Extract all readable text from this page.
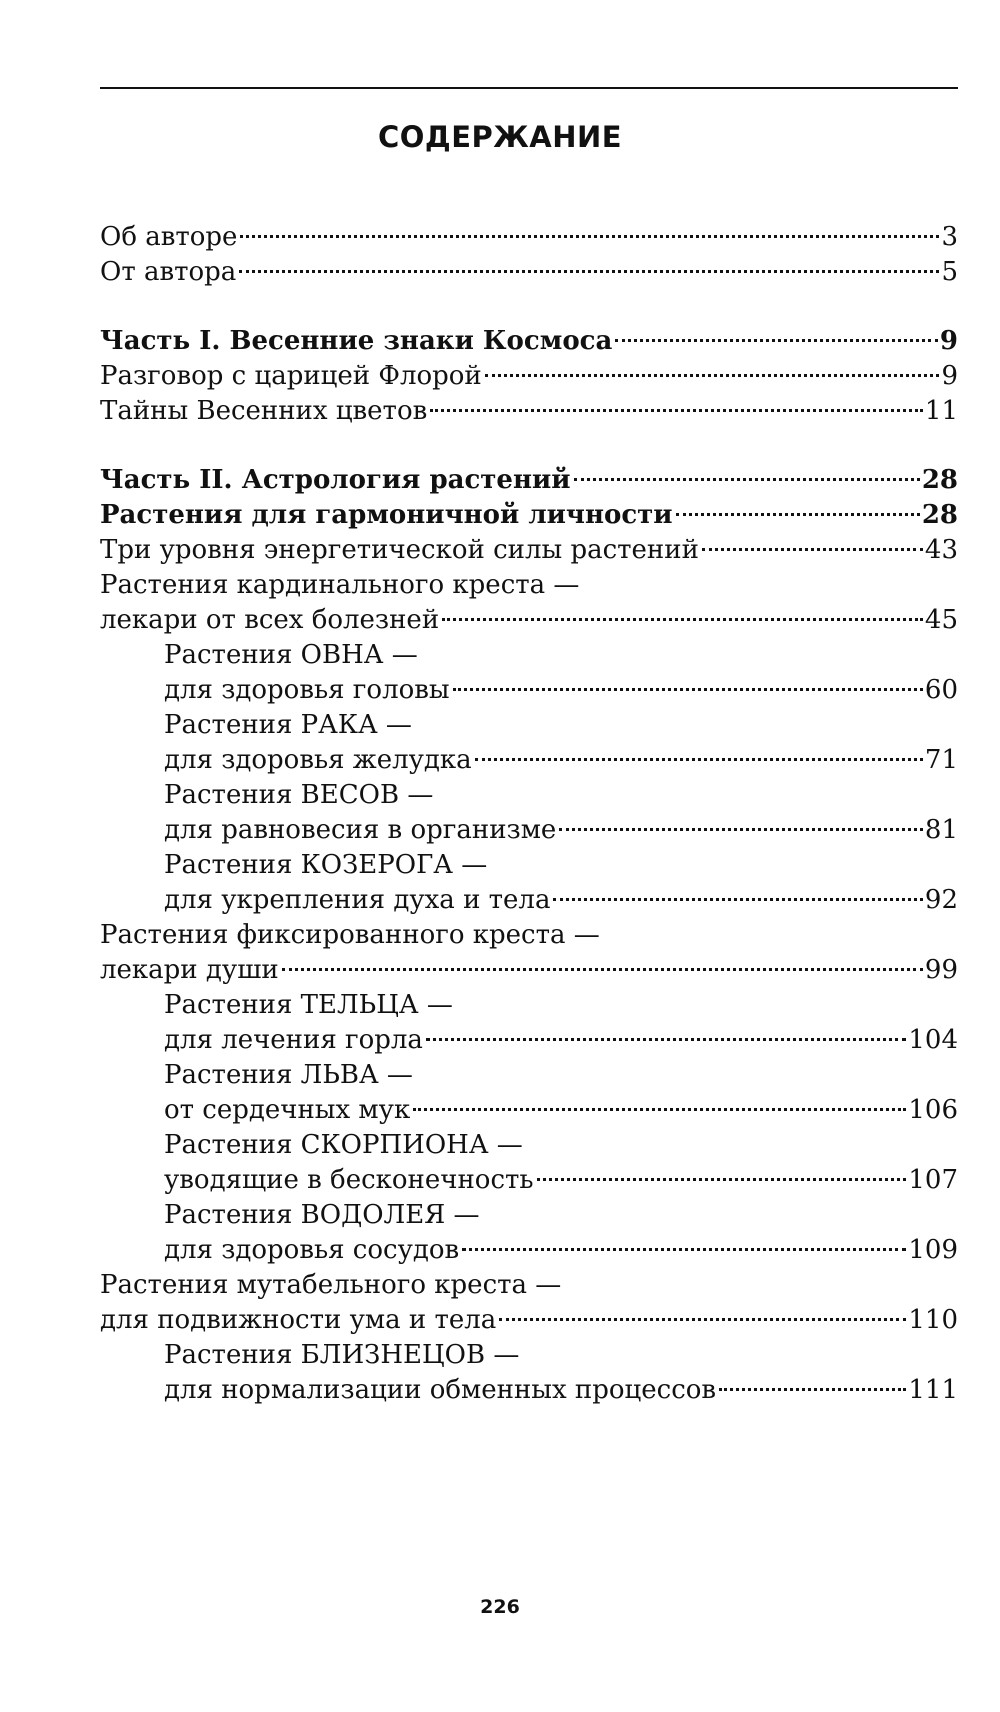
СОДЕРЖАНИЕ
Об авторе	3
От автора	5
Часть I. Весенние знаки Космоса	9
Разговор с царицей Флорой	9
Тайны Весенних цветов	11
Часть II. Астрология растений	28
Растения для гармоничной личности	28
Три уровня энергетической силы растений	43
Растения кардинального креста —
лекари от всех болезней	45
Растения ОВНА —
для здоровья головы	60
Растения РАКА —
для здоровья желудка	71
Растения ВЕСОВ —
для равновесия в организме	81
Растения КОЗЕРОГА —
для укрепления духа и тела	92
Растения фиксированного креста —
лекари души	99
Растения ТЕЛЬЦА —
для лечения горла	104
Растения ЛЬВА —
от сердечных мук	106
Растения СКОРПИОНА —
уводящие в бесконечность	107
Растения ВОДОЛЕЯ —
для здоровья сосудов	109
Растения мутабельного креста —
для подвижности ума и тела	110
Растения БЛИЗНЕЦОВ —
для нормализации обменных процессов	111
226
